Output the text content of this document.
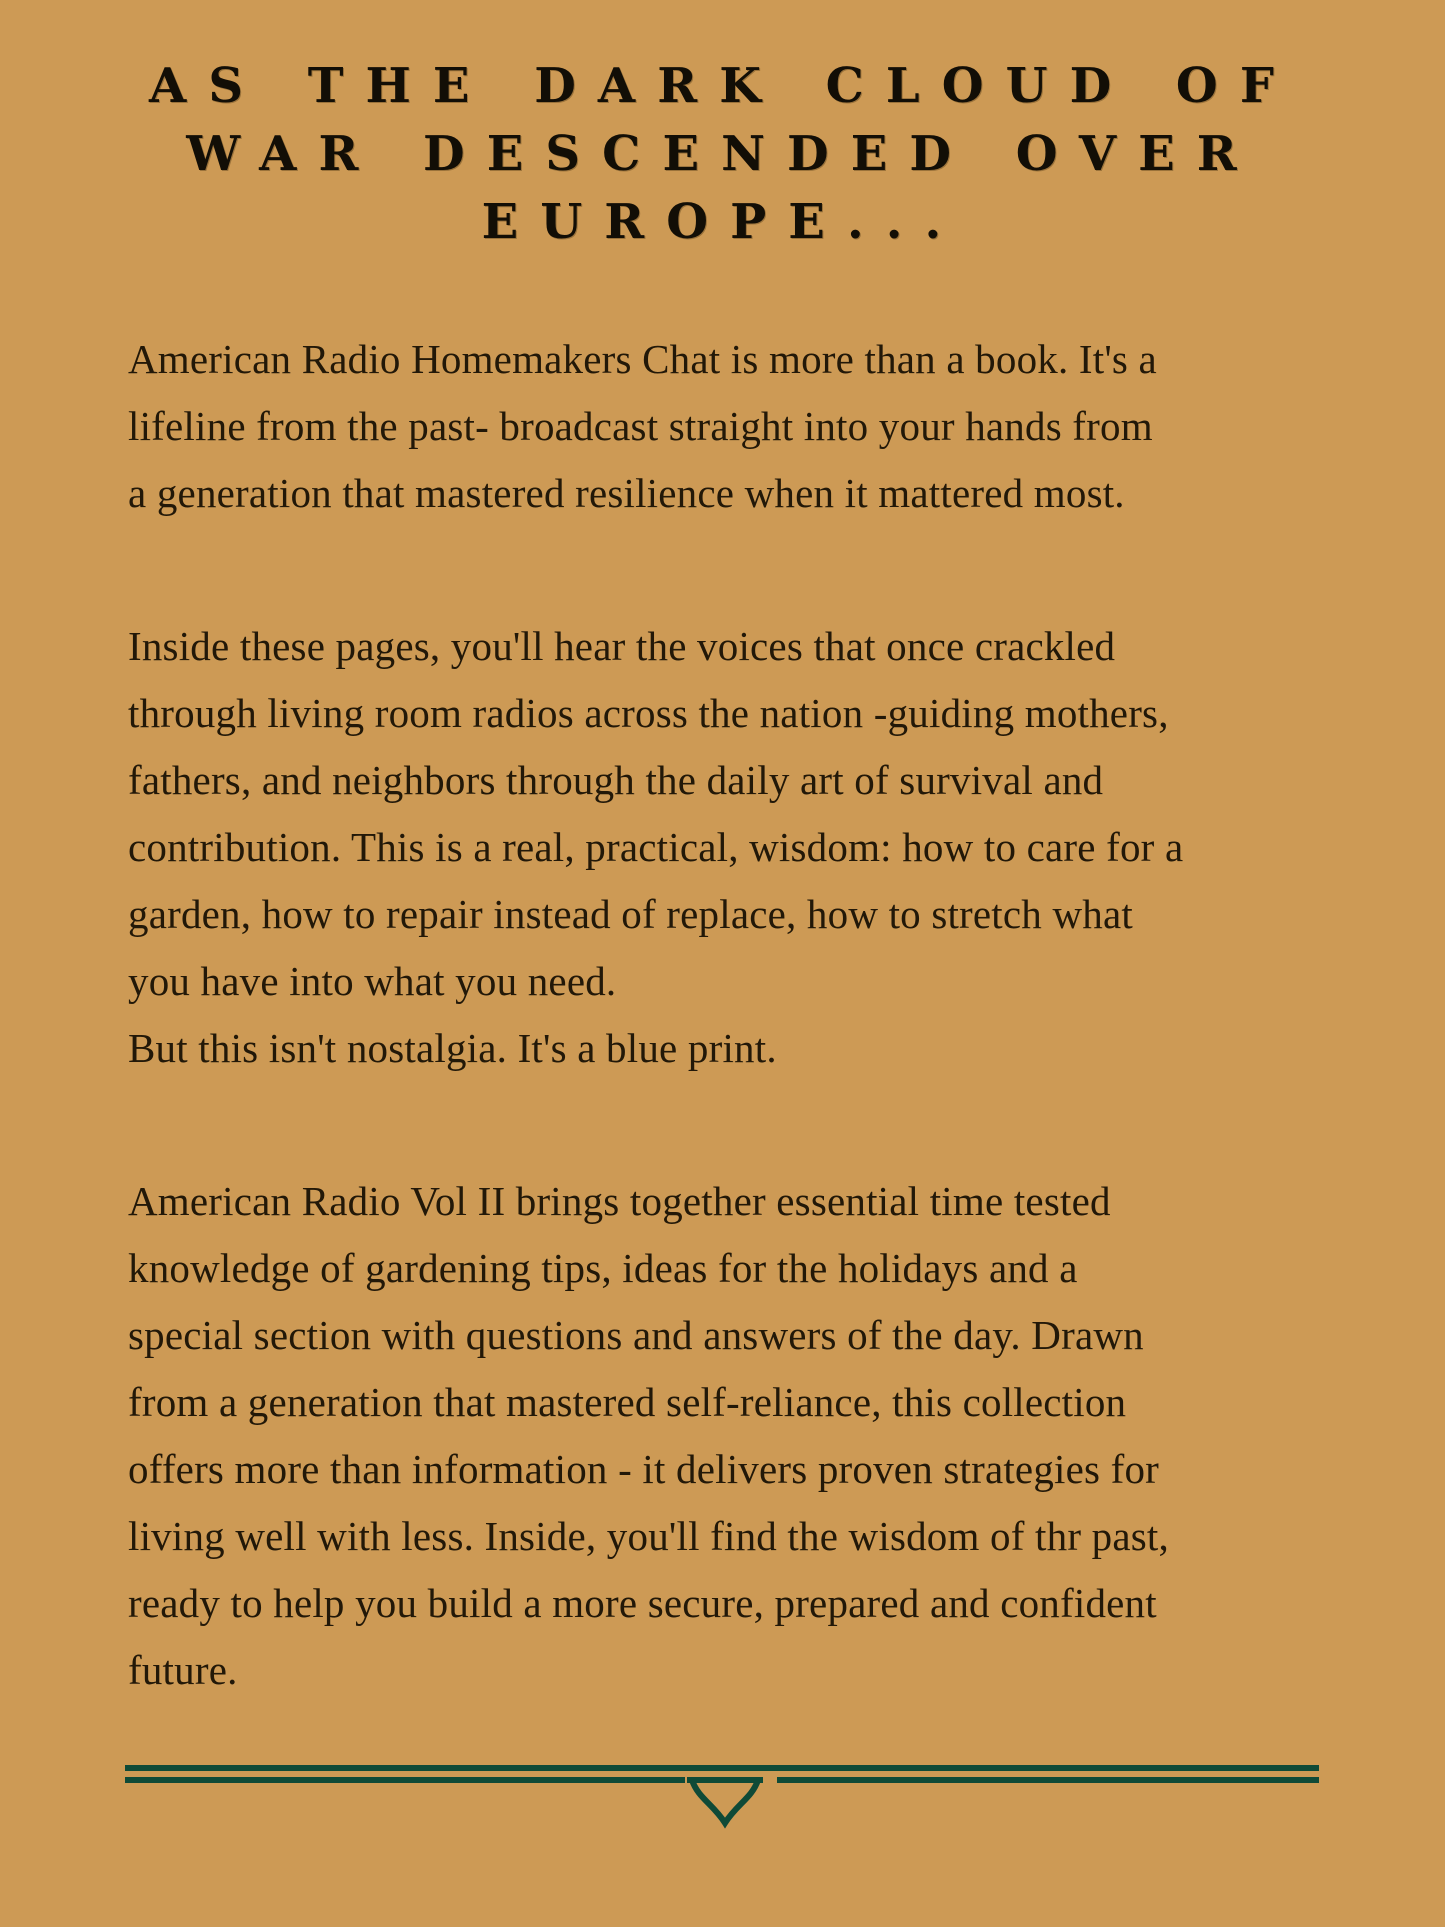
AS THE DARK CLOUD OF
WAR DESCENDED OVER
EUROPE...

American Radio Homemakers Chat is more than a book. It's a
lifeline from the past- broadcast straight into your hands from
a generation that mastered resilience when it mattered most.

Inside these pages, you'll hear the voices that once crackled
through living room radios across the nation -guiding mothers,
fathers, and neighbors through the daily art of survival and
contribution. This is a real, practical, wisdom: how to care for a
garden, how to repair instead of replace, how to stretch what
you have into what you need.
But this isn't nostalgia. It's a blue print.

American Radio Vol II brings together essential time tested
knowledge of gardening tips, ideas for the holidays and a
special section with questions and answers of the day. Drawn
from a generation that mastered self-reliance, this collection
offers more than information - it delivers proven strategies for
living well with less. Inside, you'll find the wisdom of thr past,
ready to help you build a more secure, prepared and confident
future.
